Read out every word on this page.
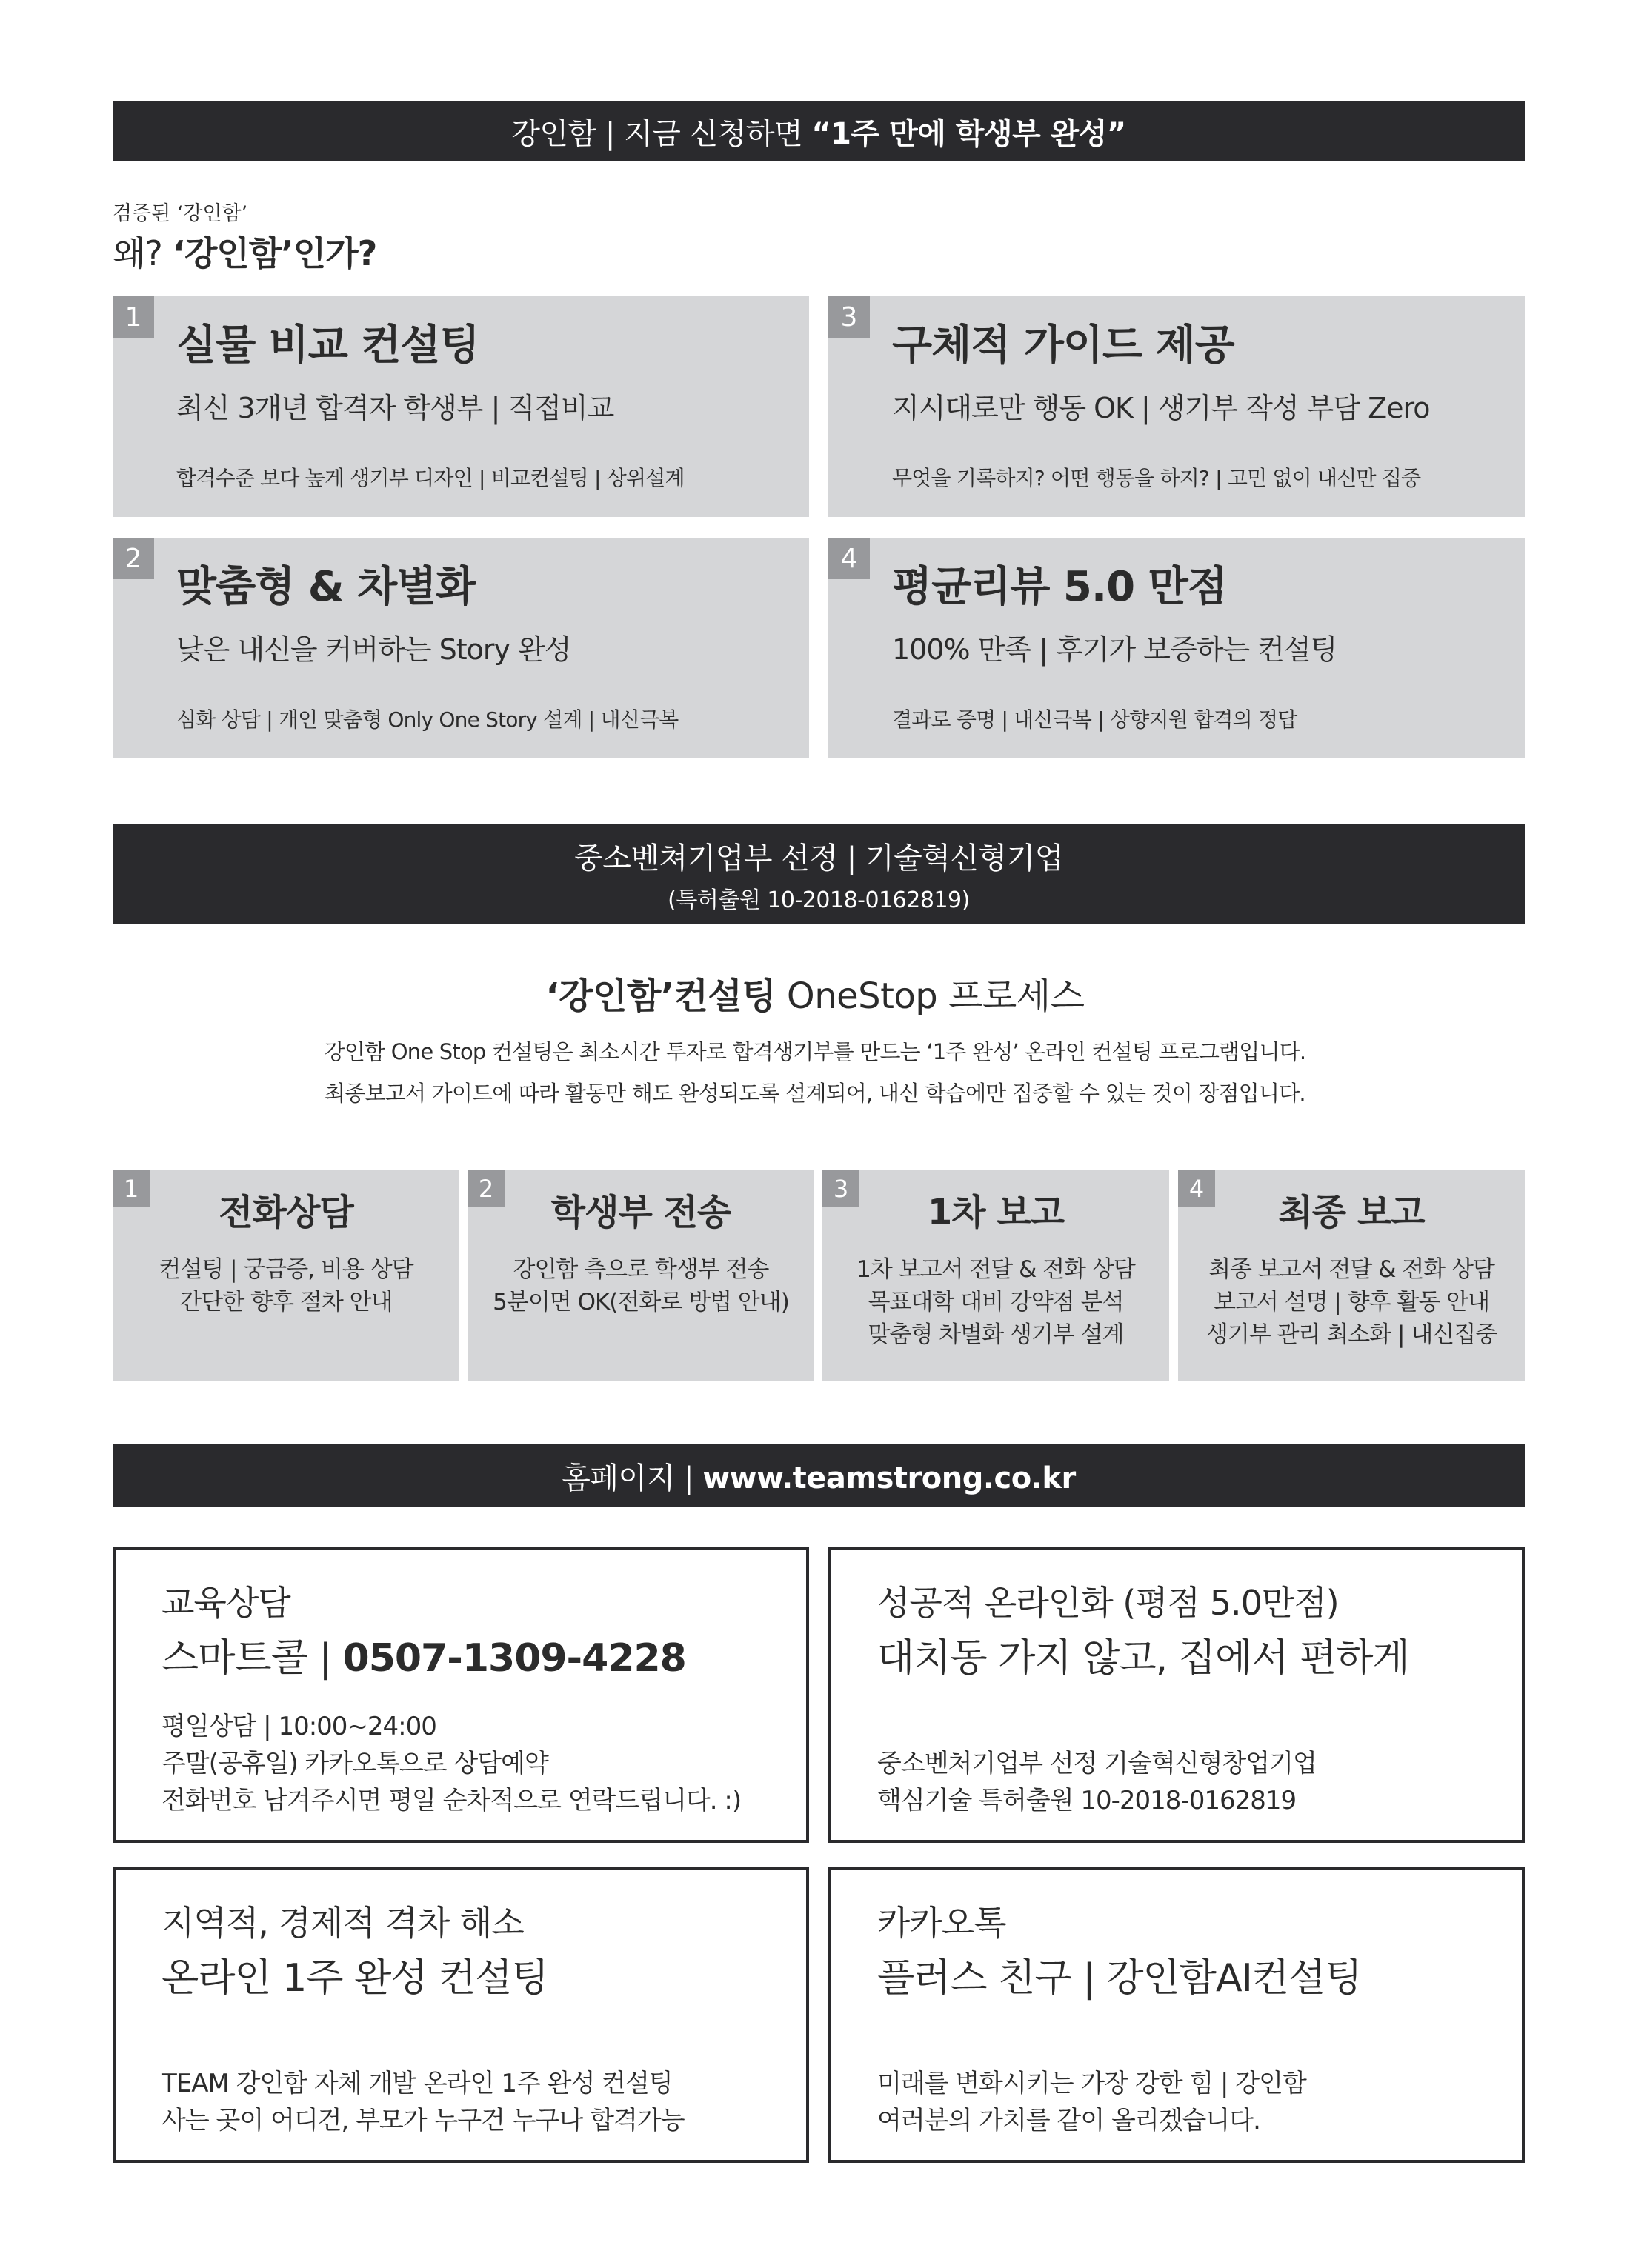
강인함 | 지금 신청하면 “1주 만에 학생부 완성”
검증된 ‘강인함’
왜? ‘강인함’인가?
1
실물 비교 컨설팅
최신 3개년 합격자 학생부 | 직접비교
합격수준 보다 높게 생기부 디자인 | 비교컨설팅 | 상위설계
2
맞춤형 & 차별화
낮은 내신을 커버하는 Story 완성
심화 상담 | 개인 맞춤형 Only One Story 설계 | 내신극복
3
구체적 가이드 제공
지시대로만 행동 OK | 생기부 작성 부담 Zero
무엇을 기록하지? 어떤 행동을 하지? | 고민 없이 내신만 집중
4
평균리뷰 5.0 만점
100% 만족 | 후기가 보증하는 컨설팅
결과로 증명 | 내신극복 | 상향지원 합격의 정답
중소벤쳐기업부 선정 | 기술혁신형기업
(특허출원 10-2018-0162819)
‘강인함’컨설팅 OneStop 프로세스
강인함 One Stop 컨설팅은 최소시간 투자로 합격생기부를 만드는 ‘1주 완성’ 온라인 컨설팅 프로그램입니다.
최종보고서 가이드에 따라 활동만 해도 완성되도록 설계되어, 내신 학습에만 집중할 수 있는 것이 장점입니다.
1
전화상담
컨설팅 | 궁금증, 비용 상담
간단한 향후 절차 안내
2
학생부 전송
강인함 측으로 학생부 전송
5분이면 OK(전화로 방법 안내)
3
1차 보고
1차 보고서 전달 & 전화 상담
목표대학 대비 강약점 분석
맞춤형 차별화 생기부 설계
4
최종 보고
최종 보고서 전달 & 전화 상담
보고서 설명 | 향후 활동 안내
생기부 관리 최소화 | 내신집중
홈페이지 | www.teamstrong.co.kr
교육상담
스마트콜 | 0507-1309-4228
평일상담 | 10:00~24:00
주말(공휴일) 카카오톡으로 상담예약
전화번호 남겨주시면 평일 순차적으로 연락드립니다. :)
성공적 온라인화 (평점 5.0만점)
대치동 가지 않고, 집에서 편하게
중소벤처기업부 선정 기술혁신형창업기업
핵심기술 특허출원 10-2018-0162819
지역적, 경제적 격차 해소
온라인 1주 완성 컨설팅
TEAM 강인함 자체 개발 온라인 1주 완성 컨설팅
사는 곳이 어디건, 부모가 누구건 누구나 합격가능
카카오톡
플러스 친구 | 강인함AI컨설팅
미래를 변화시키는 가장 강한 힘 | 강인함
여러분의 가치를 같이 올리겠습니다.
